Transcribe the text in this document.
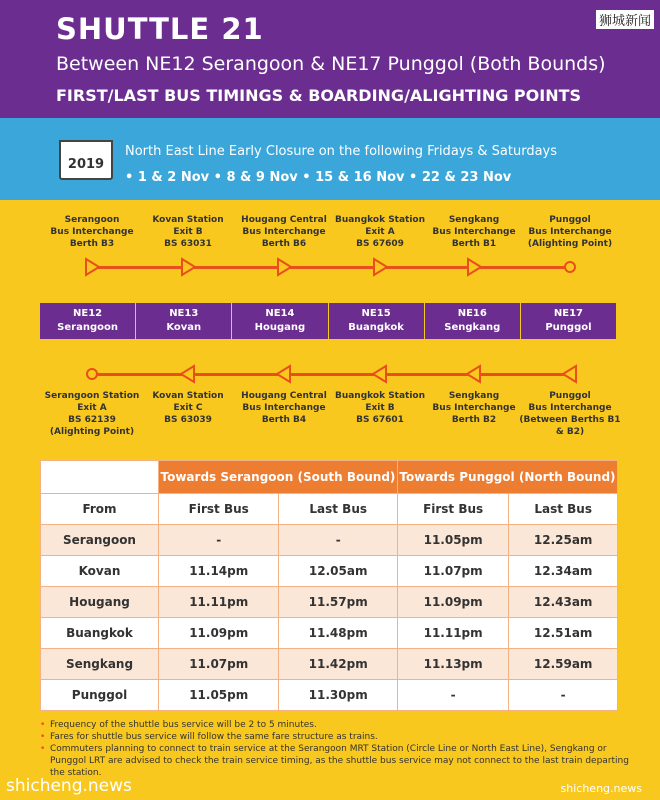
SHUTTLE 21
Between NE12 Serangoon & NE17 Punggol (Both Bounds)
FIRST/LAST BUS TIMINGS & BOARDING/ALIGHTING POINTS
狮城新闻
2019
North East Line Early Closure on the following Fridays & Saturdays
• 1 & 2 Nov • 8 & 9 Nov • 15 & 16 Nov • 22 & 23 Nov
Serangoon
Bus Interchange
Berth B3
Kovan Station
Exit B
BS 63031
Hougang Central
Bus Interchange
Berth B6
Buangkok Station
Exit A
BS 67609
Sengkang
Bus Interchange
Berth B1
Punggol
Bus Interchange
(Alighting Point)
NE12
Serangoon
NE13
Kovan
NE14
Hougang
NE15
Buangkok
NE16
Sengkang
NE17
Punggol
Serangoon Station
Exit A
BS 62139
(Alighting Point)
Kovan Station
Exit C
BS 63039
Hougang Central
Bus Interchange
Berth B4
Buangkok Station
Exit B
BS 67601
Sengkang
Bus Interchange
Berth B2
Punggol
Bus Interchange
(Between Berths B1 & B2)
	Towards Serangoon (South Bound)		Towards Punggol (North Bound)	
From	First Bus	Last Bus	First Bus	Last Bus
Serangoon	-	-	11.05pm	12.25am
Kovan	11.14pm	12.05am	11.07pm	12.34am
Hougang	11.11pm	11.57pm	11.09pm	12.43am
Buangkok	11.09pm	11.48pm	11.11pm	12.51am
Sengkang	11.07pm	11.42pm	11.13pm	12.59am
Punggol	11.05pm	11.30pm	-	-
• Frequency of the shuttle bus service will be 2 to 5 minutes.
• Fares for shuttle bus service will follow the same fare structure as trains.
• Commuters planning to connect to train service at the Serangoon MRT Station (Circle Line or North East Line), Sengkang or Punggol LRT are advised to check the train service timing, as the shuttle bus service may not connect to the last train departing the station.
shicheng.news	shicheng.news
